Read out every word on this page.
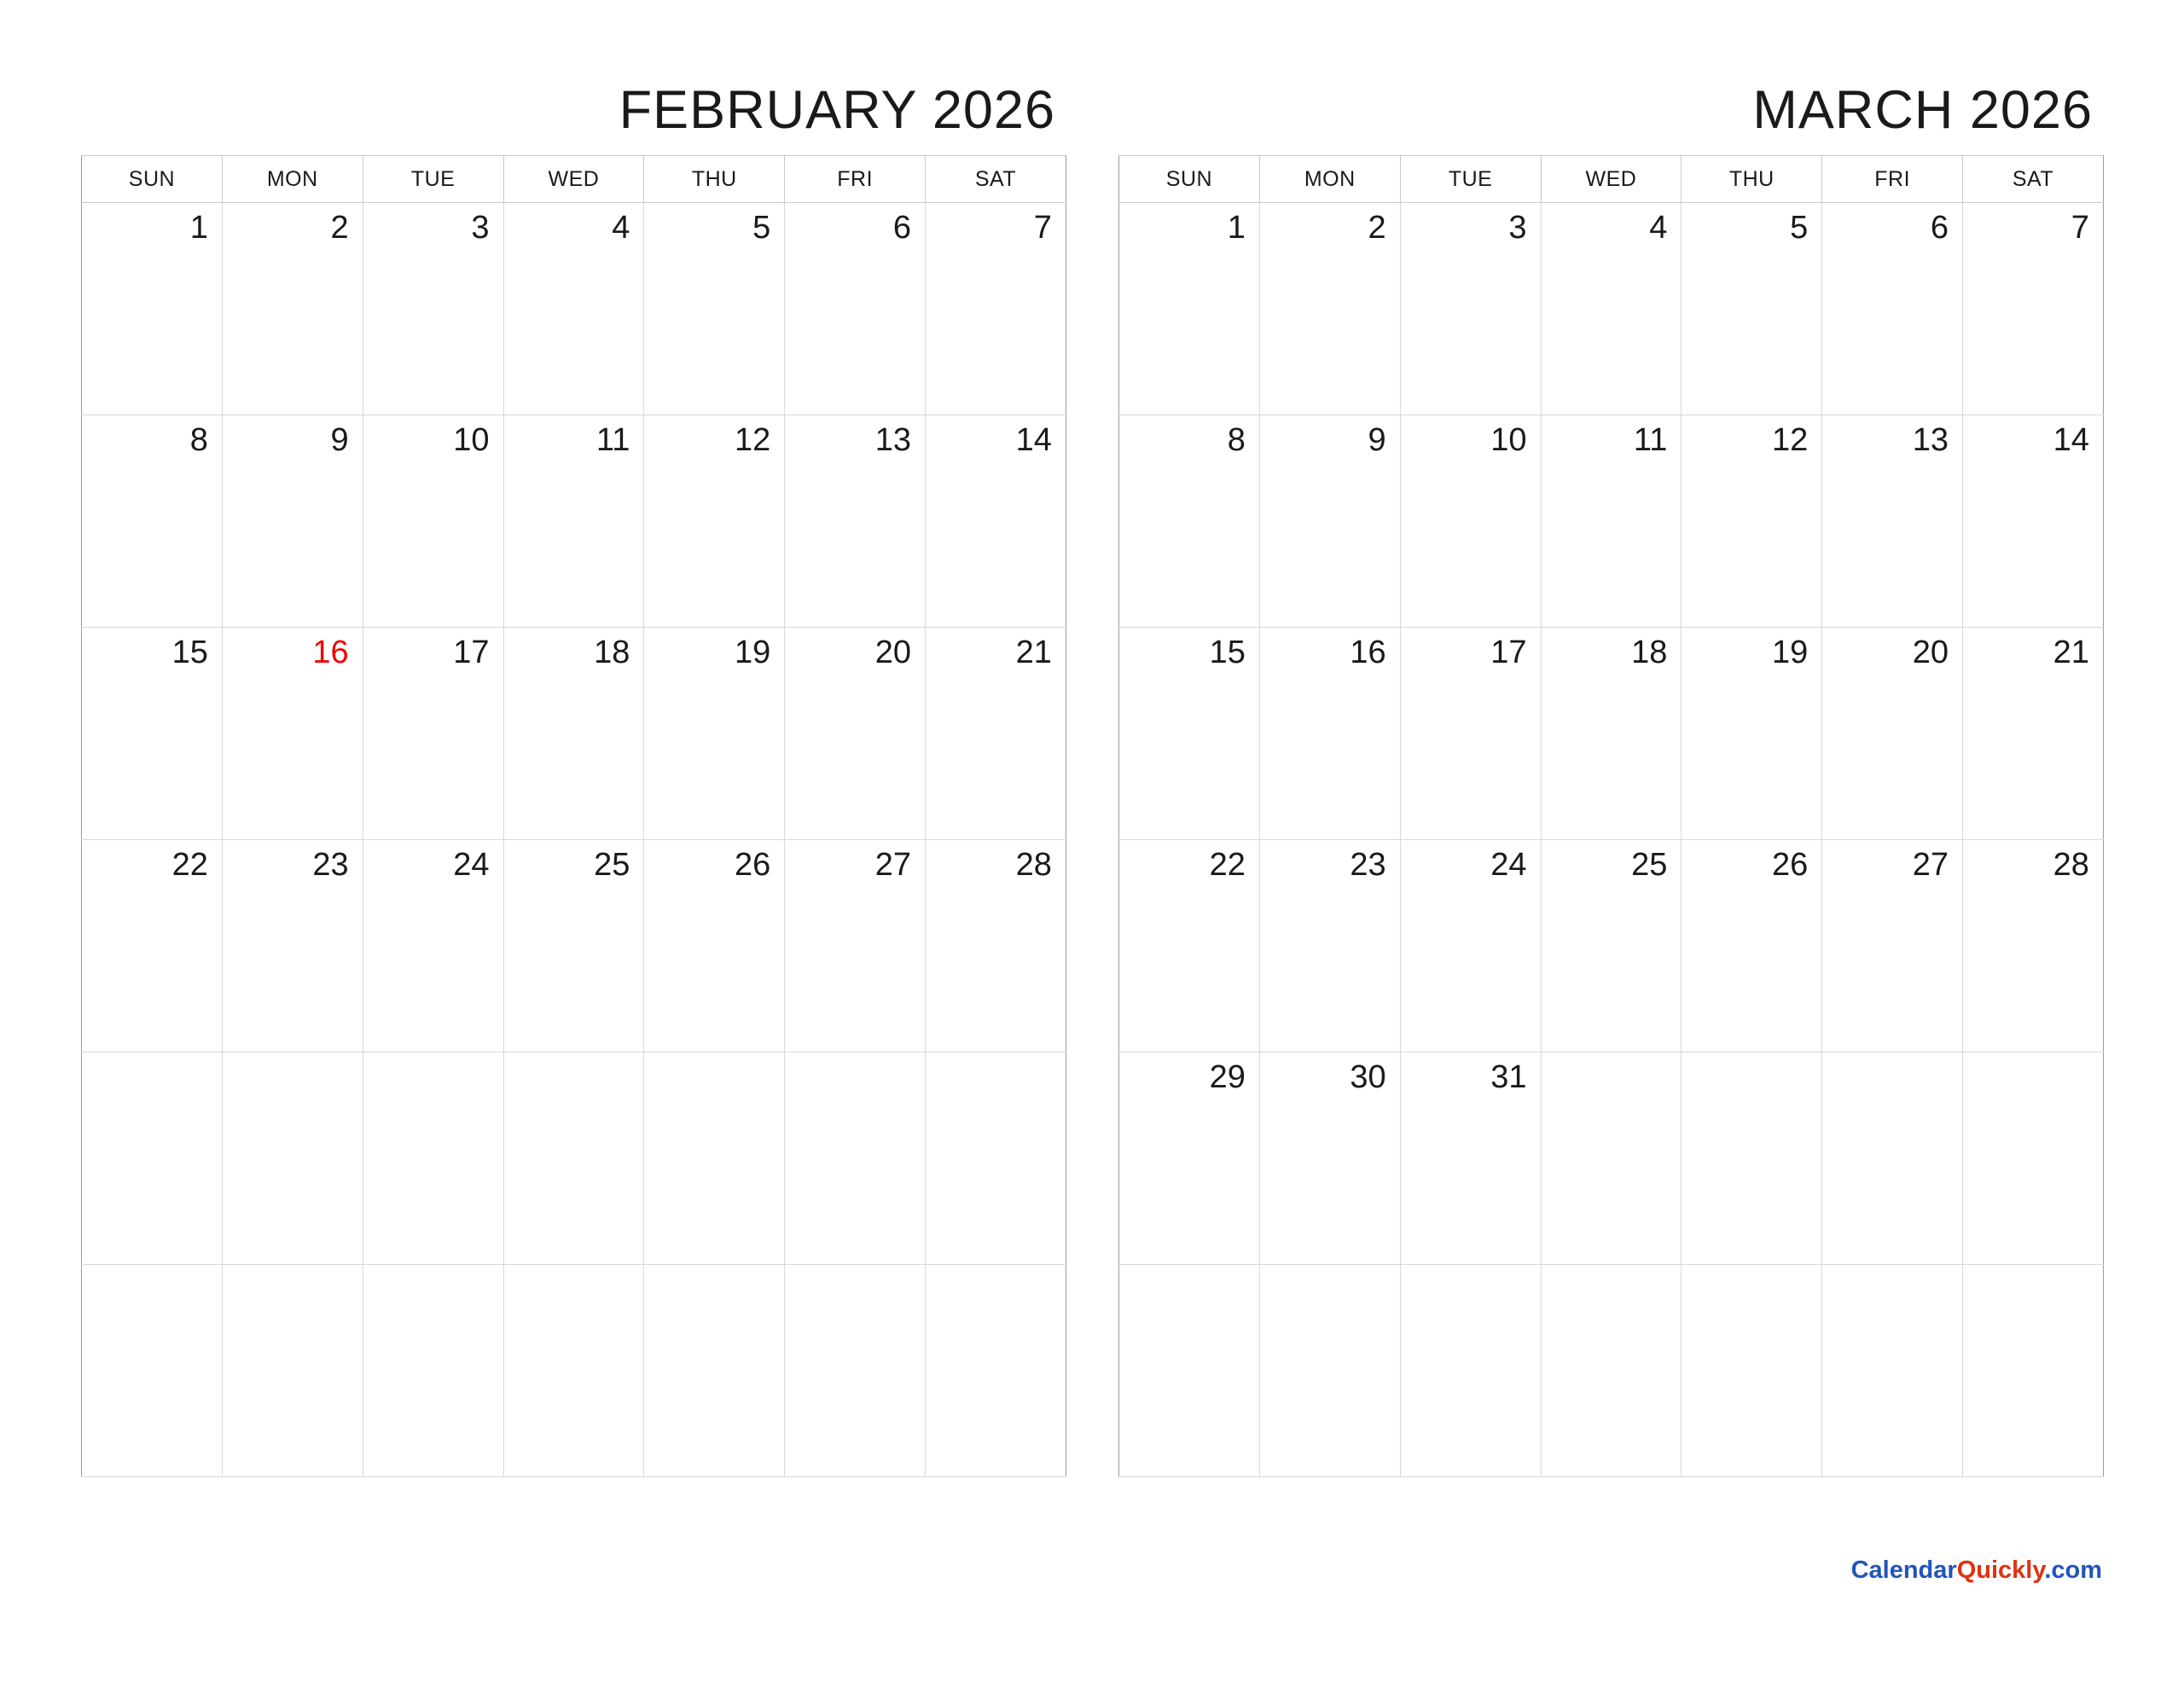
FEBRUARY 2026
SUN	MON	TUE	WED	THU	FRI	SAT
1	2	3	4	5	6	7
8	9	10	11	12	13	14
15	16	17	18	19	20	21
22	23	24	25	26	27	28

MARCH 2026
SUN	MON	TUE	WED	THU	FRI	SAT
1	2	3	4	5	6	7
8	9	10	11	12	13	14
15	16	17	18	19	20	21
22	23	24	25	26	27	28
29	30	31				

CalendarQuickly.com
